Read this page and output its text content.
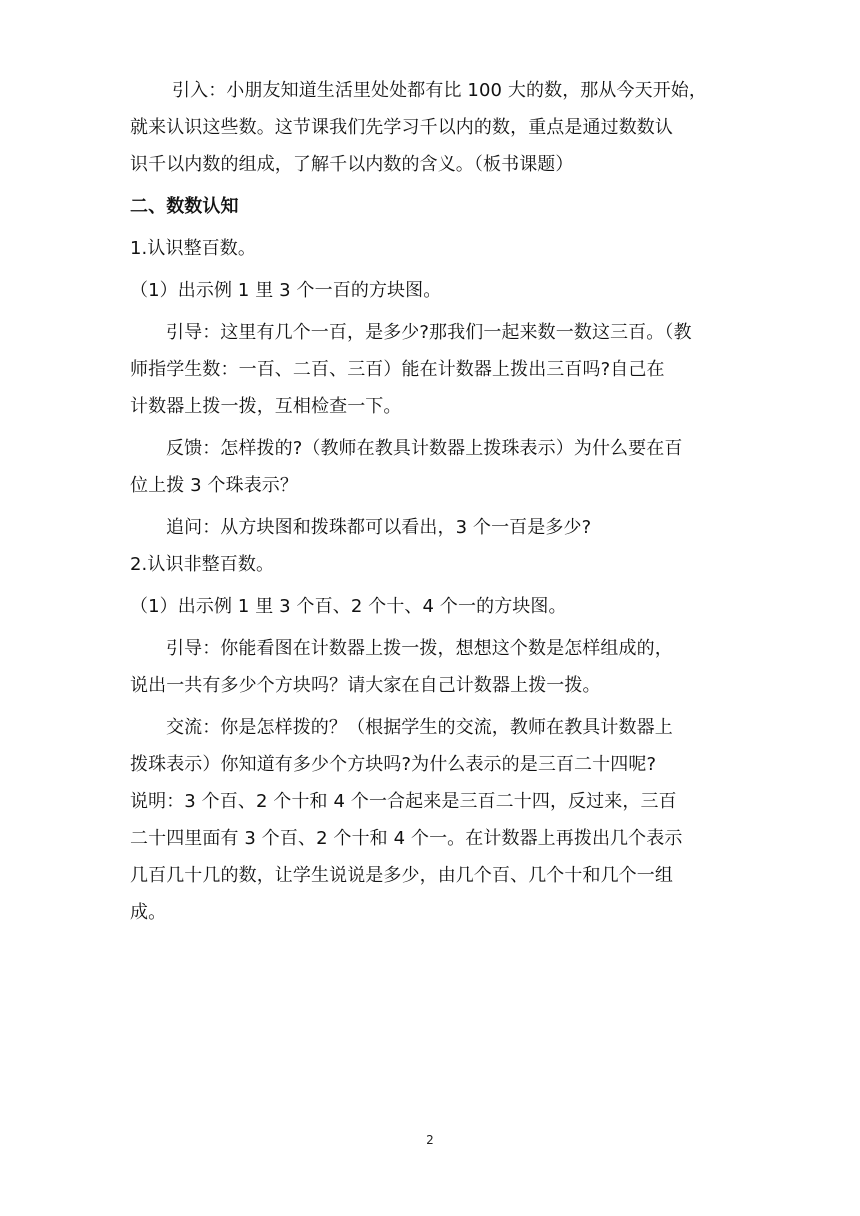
引入：小朋友知道生活里处处都有比 100 大的数，那从今天开始，

就来认识这些数。这节课我们先学习千以内的数，重点是通过数数认

识千以内数的组成，了解千以内数的含义。（板书课题）

二、数数认知

1.认识整百数。

（1）出示例 1 里 3 个一百的方块图。

引导：这里有几个一百，是多少?那我们一起来数一数这三百。（教

师指学生数：一百、二百、三百）能在计数器上拨出三百吗?自己在

计数器上拨一拨，互相检查一下。

反馈：怎样拨的?（教师在教具计数器上拨珠表示）为什么要在百

位上拨 3 个珠表示？

追问：从方块图和拨珠都可以看出，3 个一百是多少?

2.认识非整百数。

（1）出示例 1 里 3 个百、2 个十、4 个一的方块图。

引导：你能看图在计数器上拨一拨，想想这个数是怎样组成的，

说出一共有多少个方块吗？请大家在自己计数器上拨一拨。

交流：你是怎样拨的？（根据学生的交流，教师在教具计数器上

拨珠表示）你知道有多少个方块吗?为什么表示的是三百二十四呢?

说明：3 个百、2 个十和 4 个一合起来是三百二十四，反过来，三百

二十四里面有 3 个百、2 个十和 4 个一。在计数器上再拨出几个表示

几百几十几的数，让学生说说是多少，由几个百、几个十和几个一组

成。

2
